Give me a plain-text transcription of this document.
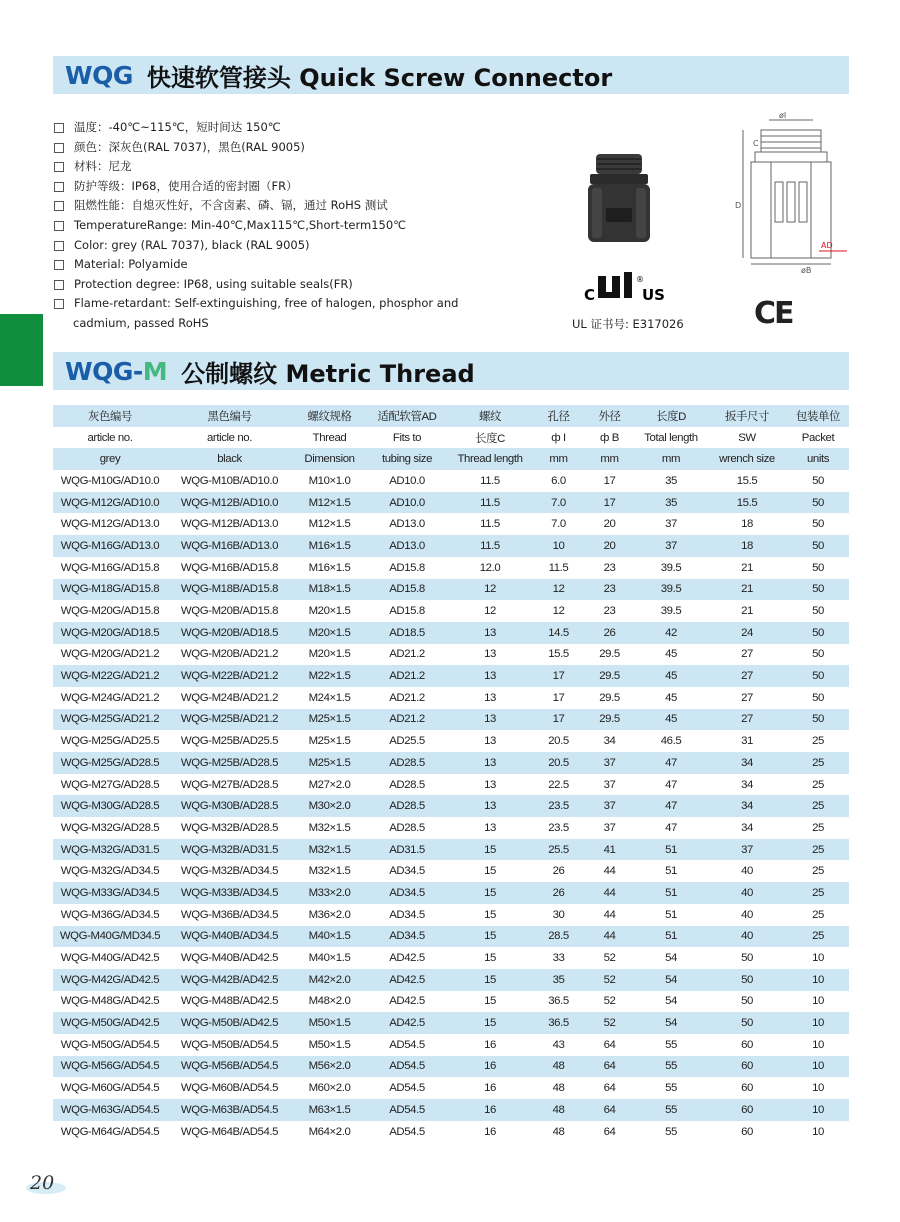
WQG 快速软管接头 Quick Screw Connector
温度：-40℃~115℃，短时间达 150℃
颜色：深灰色(RAL 7037)，黑色(RAL 9005)
材料：尼龙
防护等级：IP68，使用合适的密封圈（FR）
阻燃性能：自熄灭性好，不含卤素、磷、镉，通过 RoHS 测试
TemperatureRange: Min-40℃,Max115℃,Short-term150℃
Color: grey (RAL 7037), black (RAL 9005)
Material: Polyamide
Protection degree: IP68, using suitable seals(FR)
Flame-retardant: Self-extinguishing, free of halogen, phosphor and
cadmium, passed RoHS
øI
C
D
AD
øB
C
®
US
UL 证书号: E317026 CE
WQG-M 公制螺纹 Metric Thread
灰色编号	黑色编号	螺纹规格	适配软管AD	螺纹	孔径	外径	长度D	扳手尺寸	包装单位
article no.	article no.	Thread	Fits to	长度C	ф I	ф B	Total length	SW	Packet
grey	black	Dimension	tubing size	Thread length	mm	mm	mm	wrench size	units
WQG-M10G/AD10.0	WQG-M10B/AD10.0	M10×1.0	AD10.0	11.5	6.0	17	35	15.5	50
WQG-M12G/AD10.0	WQG-M12B/AD10.0	M12×1.5	AD10.0	11.5	7.0	17	35	15.5	50
WQG-M12G/AD13.0	WQG-M12B/AD13.0	M12×1.5	AD13.0	11.5	7.0	20	37	18	50
WQG-M16G/AD13.0	WQG-M16B/AD13.0	M16×1.5	AD13.0	11.5	10	20	37	18	50
WQG-M16G/AD15.8	WQG-M16B/AD15.8	M16×1.5	AD15.8	12.0	11.5	23	39.5	21	50
WQG-M18G/AD15.8	WQG-M18B/AD15.8	M18×1.5	AD15.8	12	12	23	39.5	21	50
WQG-M20G/AD15.8	WQG-M20B/AD15.8	M20×1.5	AD15.8	12	12	23	39.5	21	50
WQG-M20G/AD18.5	WQG-M20B/AD18.5	M20×1.5	AD18.5	13	14.5	26	42	24	50
WQG-M20G/AD21.2	WQG-M20B/AD21.2	M20×1.5	AD21.2	13	15.5	29.5	45	27	50
WQG-M22G/AD21.2	WQG-M22B/AD21.2	M22×1.5	AD21.2	13	17	29.5	45	27	50
WQG-M24G/AD21.2	WQG-M24B/AD21.2	M24×1.5	AD21.2	13	17	29.5	45	27	50
WQG-M25G/AD21.2	WQG-M25B/AD21.2	M25×1.5	AD21.2	13	17	29.5	45	27	50
WQG-M25G/AD25.5	WQG-M25B/AD25.5	M25×1.5	AD25.5	13	20.5	34	46.5	31	25
WQG-M25G/AD28.5	WQG-M25B/AD28.5	M25×1.5	AD28.5	13	20.5	37	47	34	25
WQG-M27G/AD28.5	WQG-M27B/AD28.5	M27×2.0	AD28.5	13	22.5	37	47	34	25
WQG-M30G/AD28.5	WQG-M30B/AD28.5	M30×2.0	AD28.5	13	23.5	37	47	34	25
WQG-M32G/AD28.5	WQG-M32B/AD28.5	M32×1.5	AD28.5	13	23.5	37	47	34	25
WQG-M32G/AD31.5	WQG-M32B/AD31.5	M32×1.5	AD31.5	15	25.5	41	51	37	25
WQG-M32G/AD34.5	WQG-M32B/AD34.5	M32×1.5	AD34.5	15	26	44	51	40	25
WQG-M33G/AD34.5	WQG-M33B/AD34.5	M33×2.0	AD34.5	15	26	44	51	40	25
WQG-M36G/AD34.5	WQG-M36B/AD34.5	M36×2.0	AD34.5	15	30	44	51	40	25
WQG-M40G/MD34.5	WQG-M40B/AD34.5	M40×1.5	AD34.5	15	28.5	44	51	40	25
WQG-M40G/AD42.5	WQG-M40B/AD42.5	M40×1.5	AD42.5	15	33	52	54	50	10
WQG-M42G/AD42.5	WQG-M42B/AD42.5	M42×2.0	AD42.5	15	35	52	54	50	10
WQG-M48G/AD42.5	WQG-M48B/AD42.5	M48×2.0	AD42.5	15	36.5	52	54	50	10
WQG-M50G/AD42.5	WQG-M50B/AD42.5	M50×1.5	AD42.5	15	36.5	52	54	50	10
WQG-M50G/AD54.5	WQG-M50B/AD54.5	M50×1.5	AD54.5	16	43	64	55	60	10
WQG-M56G/AD54.5	WQG-M56B/AD54.5	M56×2.0	AD54.5	16	48	64	55	60	10
WQG-M60G/AD54.5	WQG-M60B/AD54.5	M60×2.0	AD54.5	16	48	64	55	60	10
WQG-M63G/AD54.5	WQG-M63B/AD54.5	M63×1.5	AD54.5	16	48	64	55	60	10
WQG-M64G/AD54.5	WQG-M64B/AD54.5	M64×2.0	AD54.5	16	48	64	55	60	10
20
